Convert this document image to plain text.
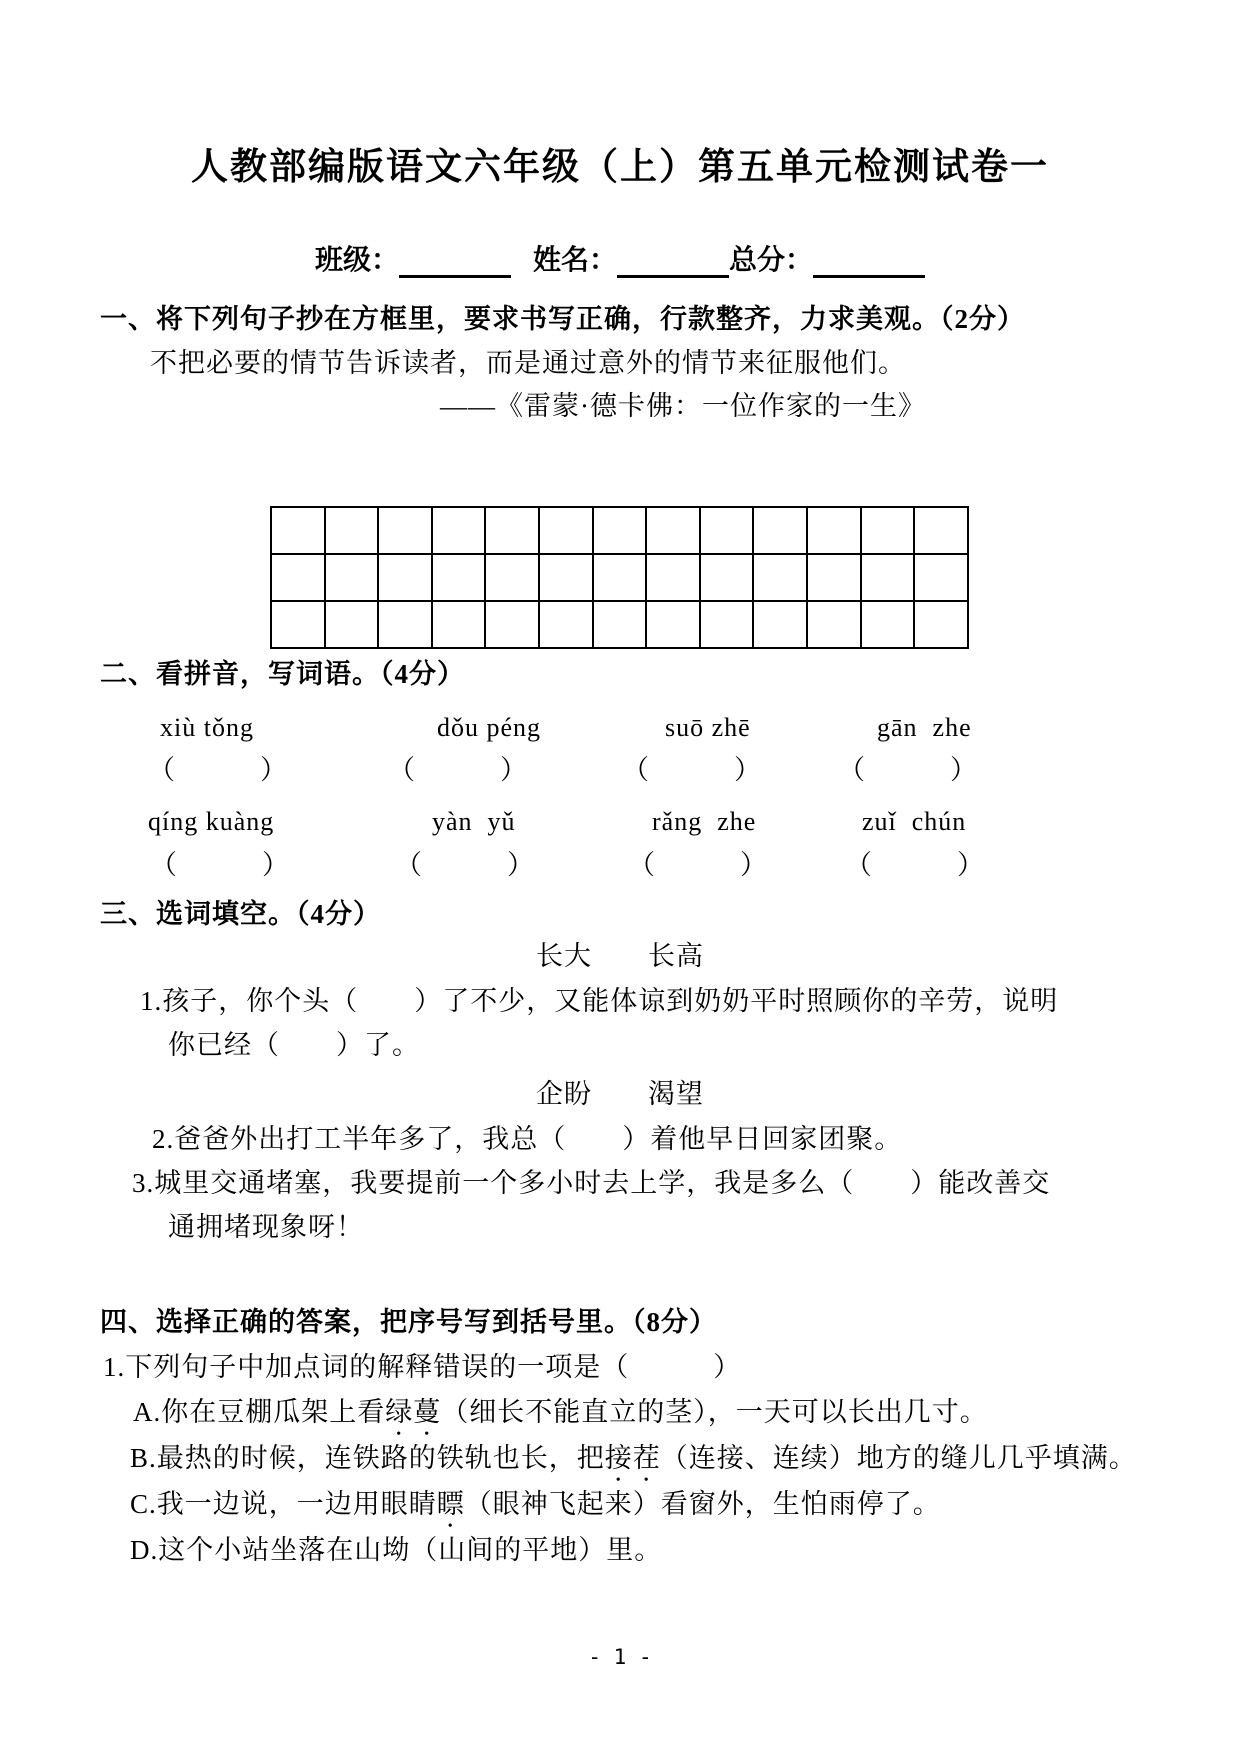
人教部编版语文六年级（上）第五单元检测试卷一
班级：	姓名：	总分：
一、将下列句子抄在方框里，要求书写正确，行款整齐，力求美观。（2分）
不把必要的情节告诉读者，而是通过意外的情节来征服他们。
——《雷蒙·德卡佛：一位作家的一生》
二、看拼音，写词语。（4分）
xiù tǒng	dǒu péng	suō zhē	gān  zhe
（　　　）	（　　　）	（　　　）	（　　　）
qíng kuàng	yàn  yǔ	rǎng  zhe	zuǐ  chún
（　　　）	（　　　）	（　　　）	（　　　）
三、选词填空。（4分）
长大　　长高
1.孩子，你个头（　　）了不少，又能体谅到奶奶平时照顾你的辛劳，说明
你已经（　　）了。
企盼　　渴望
2.爸爸外出打工半年多了，我总（　　）着他早日回家团聚。
3.城里交通堵塞，我要提前一个多小时去上学，我是多么（　　）能改善交
通拥堵现象呀！
四、选择正确的答案，把序号写到括号里。（8分）
1.下列句子中加点词的解释错误的一项是（　　　）
A.你在豆棚瓜架上看绿蔓（细长不能直立的茎），一天可以长出几寸。
B.最热的时候，连铁路的铁轨也长，把接茬（连接、连续）地方的缝儿几乎填满。
C.我一边说，一边用眼睛瞟（眼神飞起来）看窗外，生怕雨停了。
D.这个小站坐落在山坳（山间的平地）里。
- 1 -
